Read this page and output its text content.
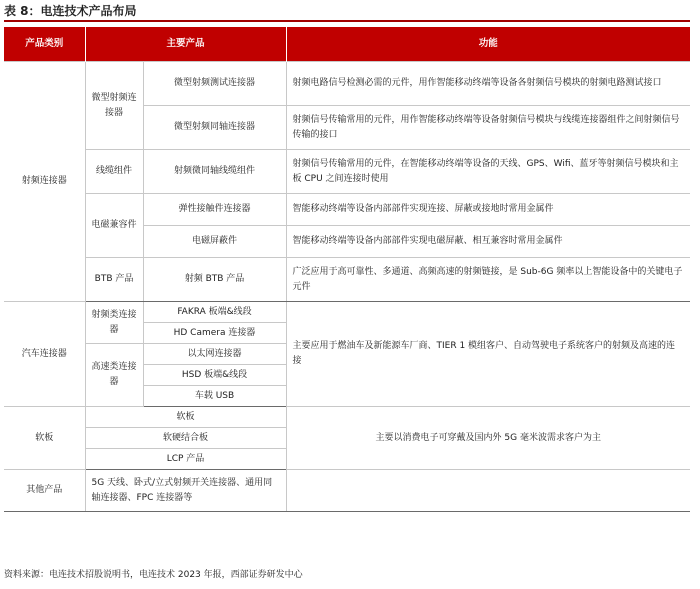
表 8：电连技术产品布局
产品类别	主要产品		功能
射频连接器	微型射频连接器	微型射频测试连接器	射频电路信号检测必需的元件，用作智能移动终端等设备各射频信号模块的射频电路测试接口
		微型射频同轴连接器	射频信号传输常用的元件，用作智能移动终端等设备射频信号模块与线缆连接器组件之间射频信号传输的接口
	线缆组件	射频微同轴线缆组件	射频信号传输常用的元件，在智能移动终端等设备的天线、GPS、Wifi、蓝牙等射频信号模块和主板 CPU 之间连接时使用
	电磁兼容件	弹性接触件连接器	智能移动终端等设备内部部件实现连接、屏蔽或接地时常用金属件
		电磁屏蔽件	智能移动终端等设备内部部件实现电磁屏蔽、相互兼容时常用金属件
	BTB 产品	射频 BTB 产品	广泛应用于高可靠性、多通道、高频高速的射频链接，是 Sub-6G 频率以上智能设备中的关键电子元件
汽车连接器	射频类连接器	FAKRA 板端&线段	主要应用于燃油车及新能源车厂商、TIER 1 模组客户、自动驾驶电子系统客户的射频及高速的连接
		HD Camera 连接器	
	高速类连接器	以太网连接器	
		HSD 板端&线段	
		车载 USB	
软板	软板		主要以消费电子可穿戴及国内外 5G 毫米波需求客户为主
	软硬结合板		
	LCP 产品		
其他产品	5G 天线、卧式/立式射频开关连接器、通用同轴连接器、FPC 连接器等		
资料来源：电连技术招股说明书，电连技术 2023 年报，西部证券研发中心
